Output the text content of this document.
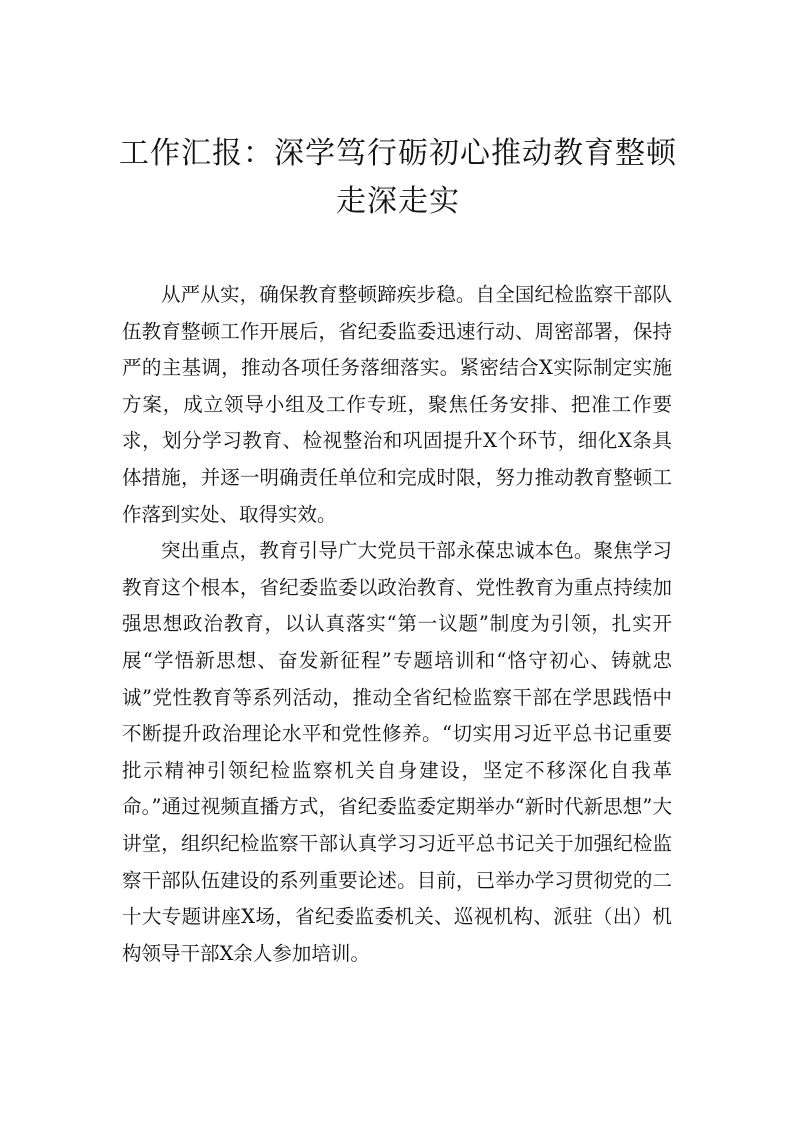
工作汇报：深学笃行砺初心推动教育整顿走深走实

从严从实，确保教育整顿蹄疾步稳。自全国纪检监察干部队伍教育整顿工作开展后，省纪委监委迅速行动、周密部署，保持严的主基调，推动各项任务落细落实。紧密结合X实际制定实施方案，成立领导小组及工作专班，聚焦任务安排、把准工作要求，划分学习教育、检视整治和巩固提升X个环节，细化X条具体措施，并逐一明确责任单位和完成时限，努力推动教育整顿工作落到实处、取得实效。

突出重点，教育引导广大党员干部永葆忠诚本色。聚焦学习教育这个根本，省纪委监委以政治教育、党性教育为重点持续加强思想政治教育，以认真落实“第一议题”制度为引领，扎实开展“学悟新思想、奋发新征程”专题培训和“恪守初心、铸就忠诚”党性教育等系列活动，推动全省纪检监察干部在学思践悟中不断提升政治理论水平和党性修养。“切实用习近平总书记重要批示精神引领纪检监察机关自身建设，坚定不移深化自我革命。”通过视频直播方式，省纪委监委定期举办“新时代新思想”大讲堂，组织纪检监察干部认真学习习近平总书记关于加强纪检监察干部队伍建设的系列重要论述。目前，已举办学习贯彻党的二十大专题讲座X场，省纪委监委机关、巡视机构、派驻（出）机构领导干部X余人参加培训。
